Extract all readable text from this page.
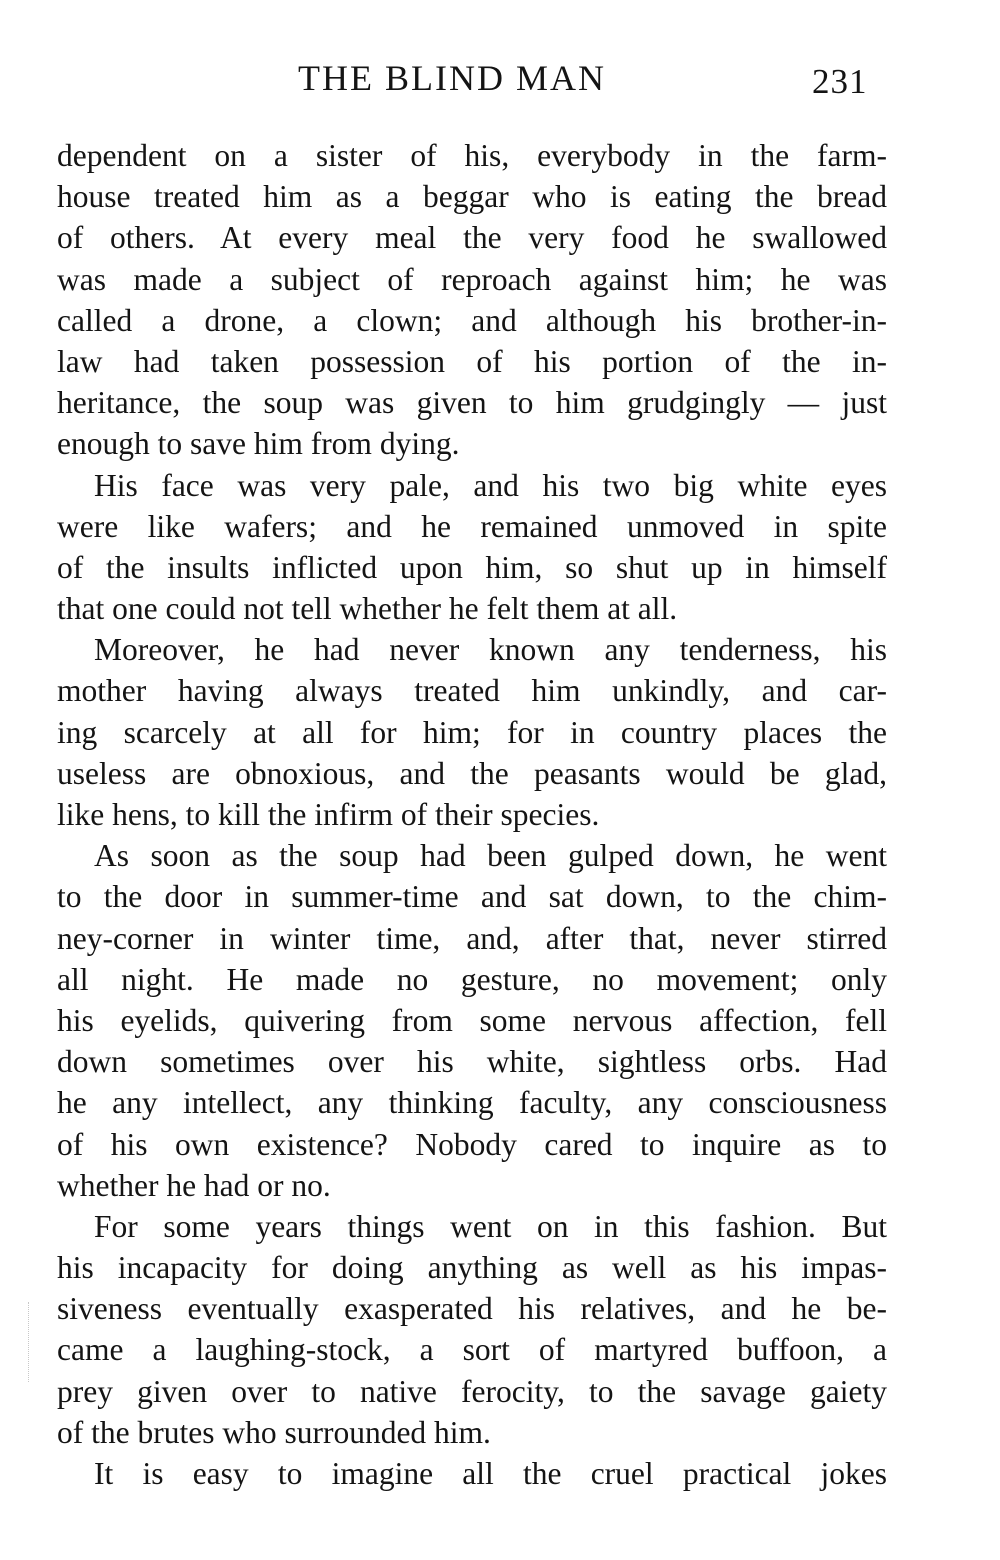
THE BLIND MAN	231
dependent on a sister of his, everybody in the farm-
house treated him as a beggar who is eating the bread
of others. At every meal the very food he swallowed
was made a subject of reproach against him; he was
called a drone, a clown; and although his brother-in-
law had taken possession of his portion of the in-
heritance, the soup was given to him grudgingly — just
enough to save him from dying.
His face was very pale, and his two big white eyes
were like wafers; and he remained unmoved in spite
of the insults inflicted upon him, so shut up in himself
that one could not tell whether he felt them at all.
Moreover, he had never known any tenderness, his
mother having always treated him unkindly, and car-
ing scarcely at all for him; for in country places the
useless are obnoxious, and the peasants would be glad,
like hens, to kill the infirm of their species.
As soon as the soup had been gulped down, he went
to the door in summer-time and sat down, to the chim-
ney-corner in winter time, and, after that, never stirred
all night. He made no gesture, no movement; only
his eyelids, quivering from some nervous affection, fell
down sometimes over his white, sightless orbs. Had
he any intellect, any thinking faculty, any consciousness
of his own existence? Nobody cared to inquire as to
whether he had or no.
For some years things went on in this fashion. But
his incapacity for doing anything as well as his impas-
siveness eventually exasperated his relatives, and he be-
came a laughing-stock, a sort of martyred buffoon, a
prey given over to native ferocity, to the savage gaiety
of the brutes who surrounded him.
It is easy to imagine all the cruel practical jokes
